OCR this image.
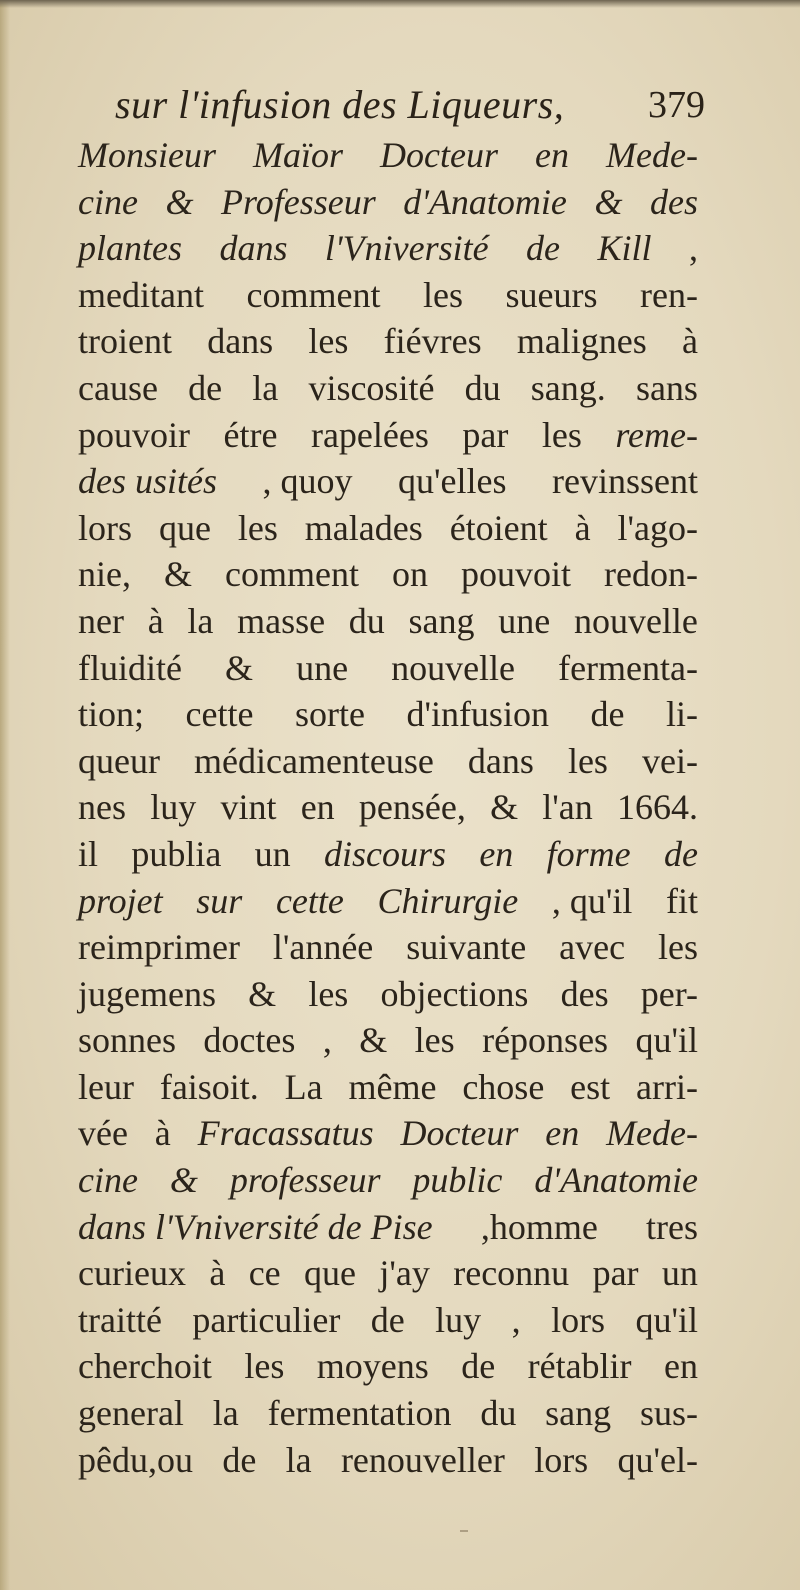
sur l'infusion des Liqueurs, 379
Monsieur Maïor Docteur en Mede-
cine & Professeur d'Anatomie & des
plantes dans l'Vniversité de Kill ,
meditant comment les sueurs ren-
troient dans les fiévres malignes à
cause de la viscosité du sang. sans
pouvoir étre rapelées par les reme-
des usités , quoy qu'elles revinssent
lors que les malades étoient à l'ago-
nie, & comment on pouvoit redon-
ner à la masse du sang une nouvelle
fluidité & une nouvelle fermenta-
tion; cette sorte d'infusion de li-
queur médicamenteuse dans les vei-
nes luy vint en pensée, & l'an 1664.
il publia un discours en forme de
projet sur cette Chirurgie , qu'il fit
reimprimer l'année suivante avec les
jugemens & les objections des per-
sonnes doctes , & les réponses qu'il
leur faisoit. La même chose est arri-
vée à Fracassatus Docteur en Mede-
cine & professeur public d'Anatomie
dans l'Vniversité de Pise ,homme tres
curieux à ce que j'ay reconnu par un
traitté particulier de luy , lors qu'il
cherchoit les moyens de rétablir en
general la fermentation du sang sus-
pêdu,ou de la renouveller lors qu'el-
